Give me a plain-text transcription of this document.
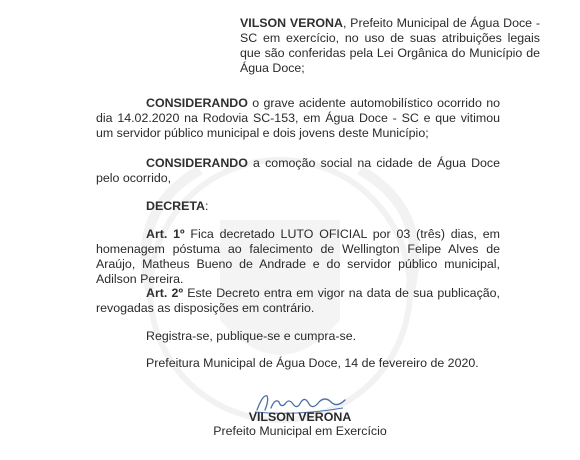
VILSON VERONA, Prefeito Municipal de Água Doce - SC em exercício, no uso de suas atribuições legais que são conferidas pela Lei Orgânica do Município de Água Doce;
CONSIDERANDO o grave acidente automobilístico ocorrido no dia 14.02.2020 na Rodovia SC-153, em Água Doce - SC e que vitimou um servidor público municipal e dois jovens deste Município;
CONSIDERANDO a comoção social na cidade de Água Doce pelo ocorrido,
DECRETA:
Art. 1º Fica decretado LUTO OFICIAL por 03 (três) dias, em homenagem póstuma ao falecimento de Wellington Felipe Alves de Araújo, Matheus Bueno de Andrade e do servidor público municipal, Adilson Pereira.
Art. 2º Este Decreto entra em vigor na data de sua publicação, revogadas as disposições em contrário.
Registra-se, publique-se e cumpra-se.
Prefeitura Municipal de Água Doce, 14 de fevereiro de 2020.
VILSON VERONA
Prefeito Municipal em Exercício
